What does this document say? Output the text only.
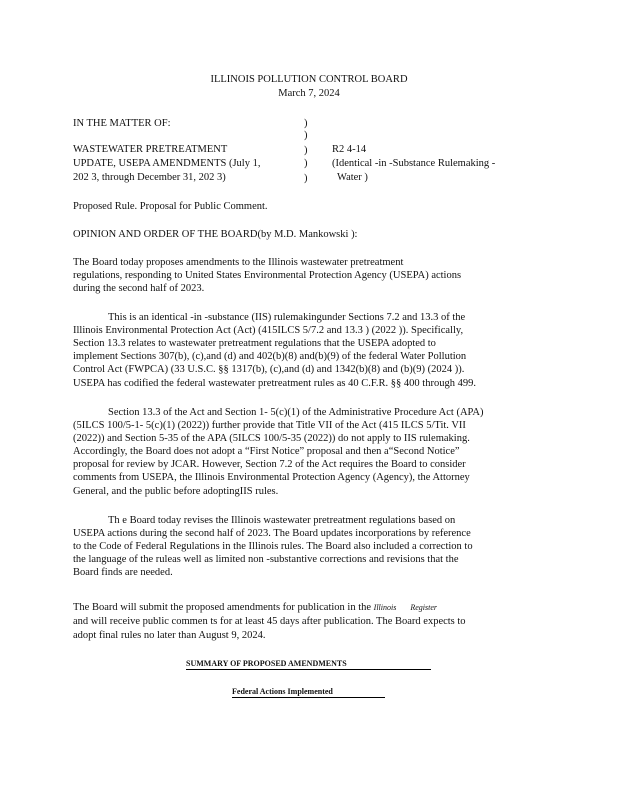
ILLINOIS POLLUTION CONTROL BOARD
March 7, 2024
IN THE MATTER OF:	)
)
)
)
)
WASTEWATER PRETREATMENT
UPDATE, USEPA AMENDMENTS (July 1,
202 3, through December 31, 202 3)
R2 4-14
(Identical -in -Substance Rulemaking -
Water )
Proposed Rule. Proposal for Public Comment.
OPINION AND ORDER OF THE BOARD(by M.D. Mankowski ):
The Board today proposes amendments to the Illinois wastewater pretreatment
regulations, responding to United States Environmental Protection Agency (USEPA) actions
during the second half of 2023.
This is an identical -in -substance (IIS) rulemakingunder Sections 7.2 and 13.3 of the
Illinois Environmental Protection Act (Act) (415ILCS 5/7.2 and 13.3 ) (2022 )). Specifically,
Section 13.3 relates to wastewater pretreatment regulations that the USEPA adopted to
implement Sections 307(b), (c),and (d) and 402(b)(8) and(b)(9) of the federal Water Pollution
Control Act (FWPCA) (33 U.S.C. §§ 1317(b), (c),and (d) and 1342(b)(8) and (b)(9) (2024 )).
USEPA has codified the federal wastewater pretreatment rules as 40 C.F.R. §§ 400 through 499.
Section 13.3 of the Act and Section 1- 5(c)(1) of the Administrative Procedure Act (APA)
(5ILCS 100/5-1- 5(c)(1) (2022)) further provide that Title VII of the Act (415 ILCS 5/Tit. VII
(2022)) and Section 5-35 of the APA (5ILCS 100/5-35 (2022)) do not apply to IIS rulemaking.
Accordingly, the Board does not adopt a “First Notice” proposal and then a“Second Notice”
proposal for review by JCAR. However, Section 7.2 of the Act requires the Board to consider
comments from USEPA, the Illinois Environmental Protection Agency (Agency), the Attorney
General, and the public before adoptingIIS rules.
Th e Board today revises the Illinois wastewater pretreatment regulations based on
USEPA actions during the second half of 2023. The Board updates incorporations by reference
to the Code of Federal Regulations in the Illinois rules. The Board also included a correction to
the language of the ruleas well as limited non -substantive corrections and revisions that the
Board finds are needed.
The Board will submit the proposed amendments for publication in the Illinois Register
and will receive public commen ts for at least 45 days after publication. The Board expects to
adopt final rules no later than August 9, 2024.
SUMMARY OF PROPOSED AMENDMENTS
Federal Actions Implemented
